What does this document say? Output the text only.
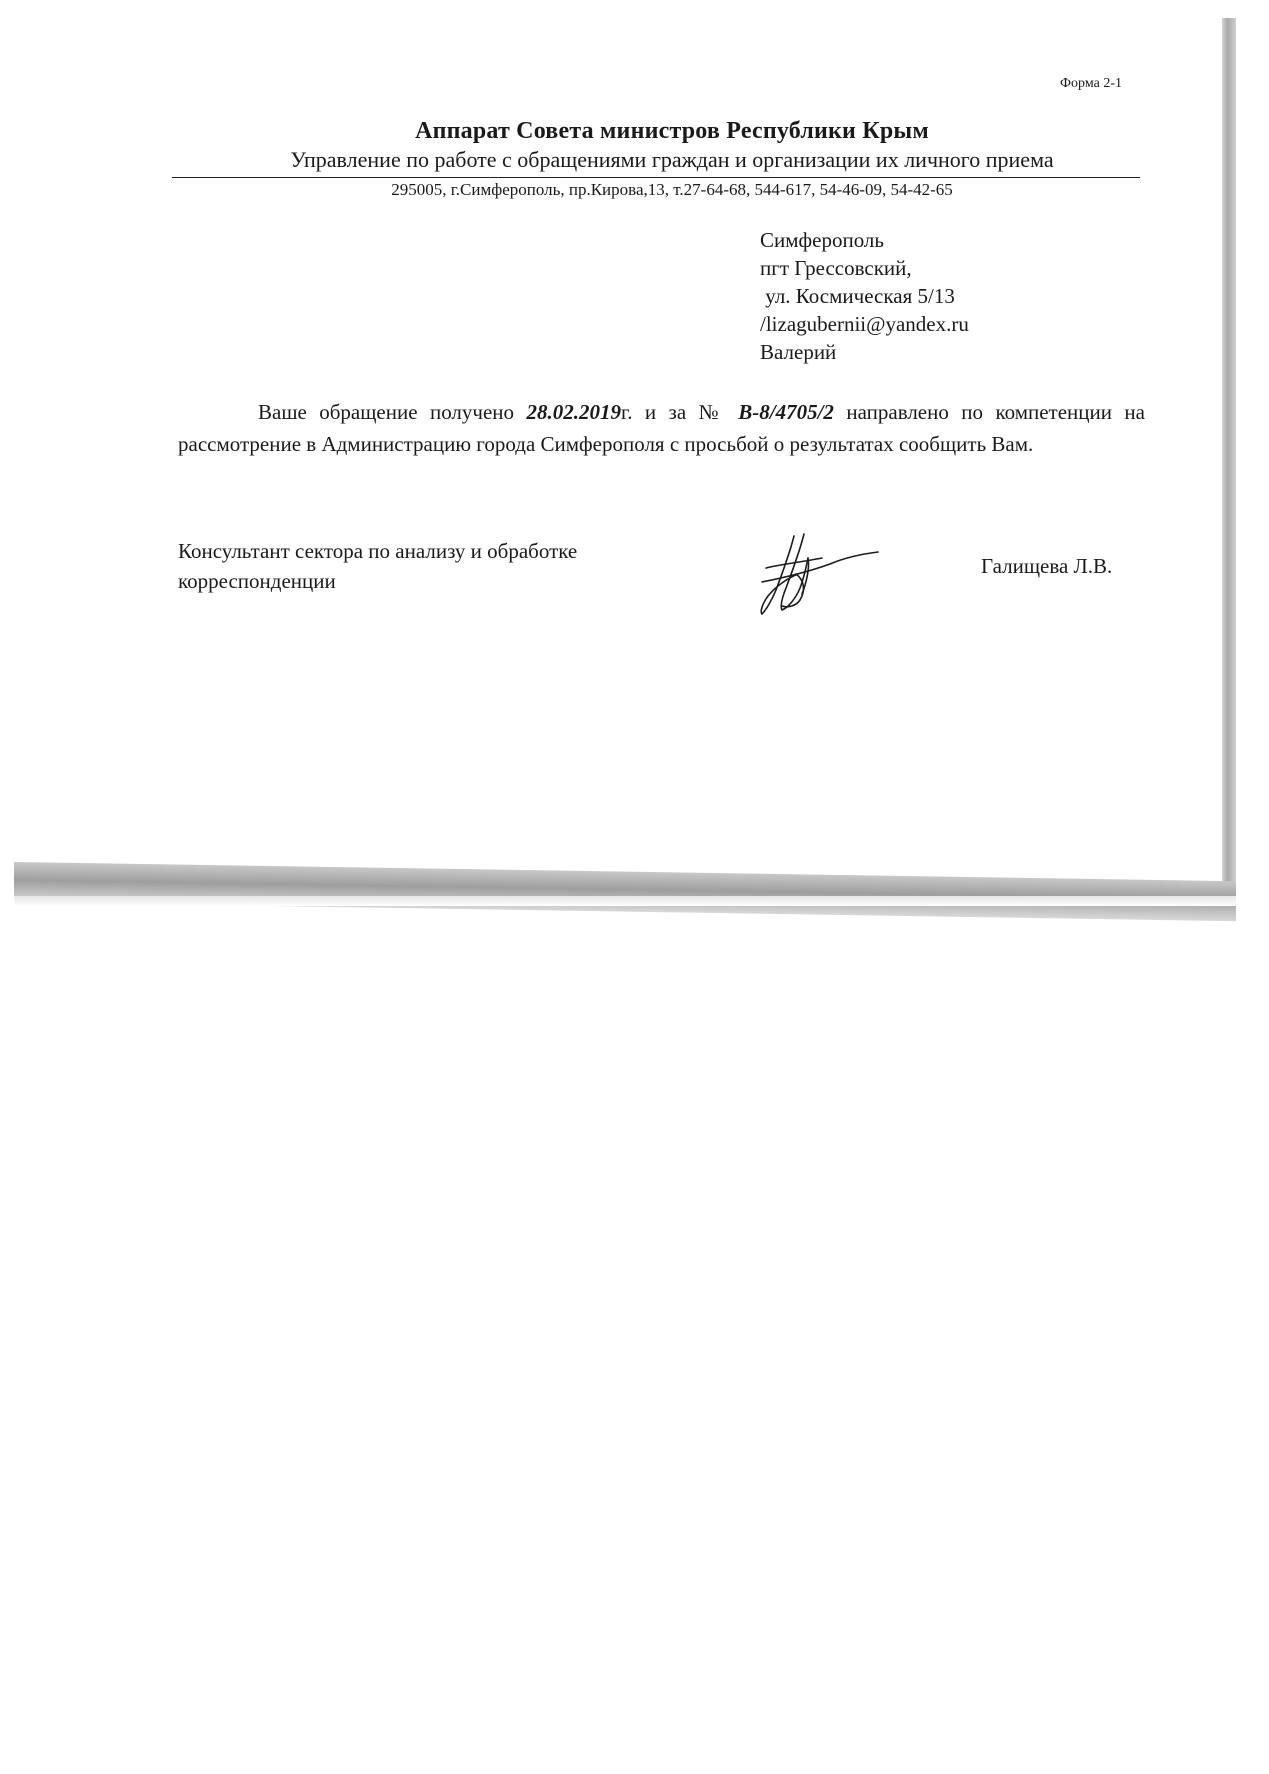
Форма 2-1
Аппарат Совета министров Республики Крым
Управление по работе с обращениями граждан и организации их личного приема
295005, г.Симферополь, пр.Кирова,13, т.27-64-68, 544-617, 54-46-09, 54-42-65
Симферополь
пгт Грессовский,
ул. Космическая 5/13
/lizagubernii@yandex.ru
Валерий
Ваше обращение получено 28.02.2019г. и за № В-8/4705/2 направлено по компетенции на рассмотрение в Администрацию города Симферополя с просьбой о результатах сообщить Вам.
Консультант сектора по анализу и обработке
корреспонденции
Галищева Л.В.
